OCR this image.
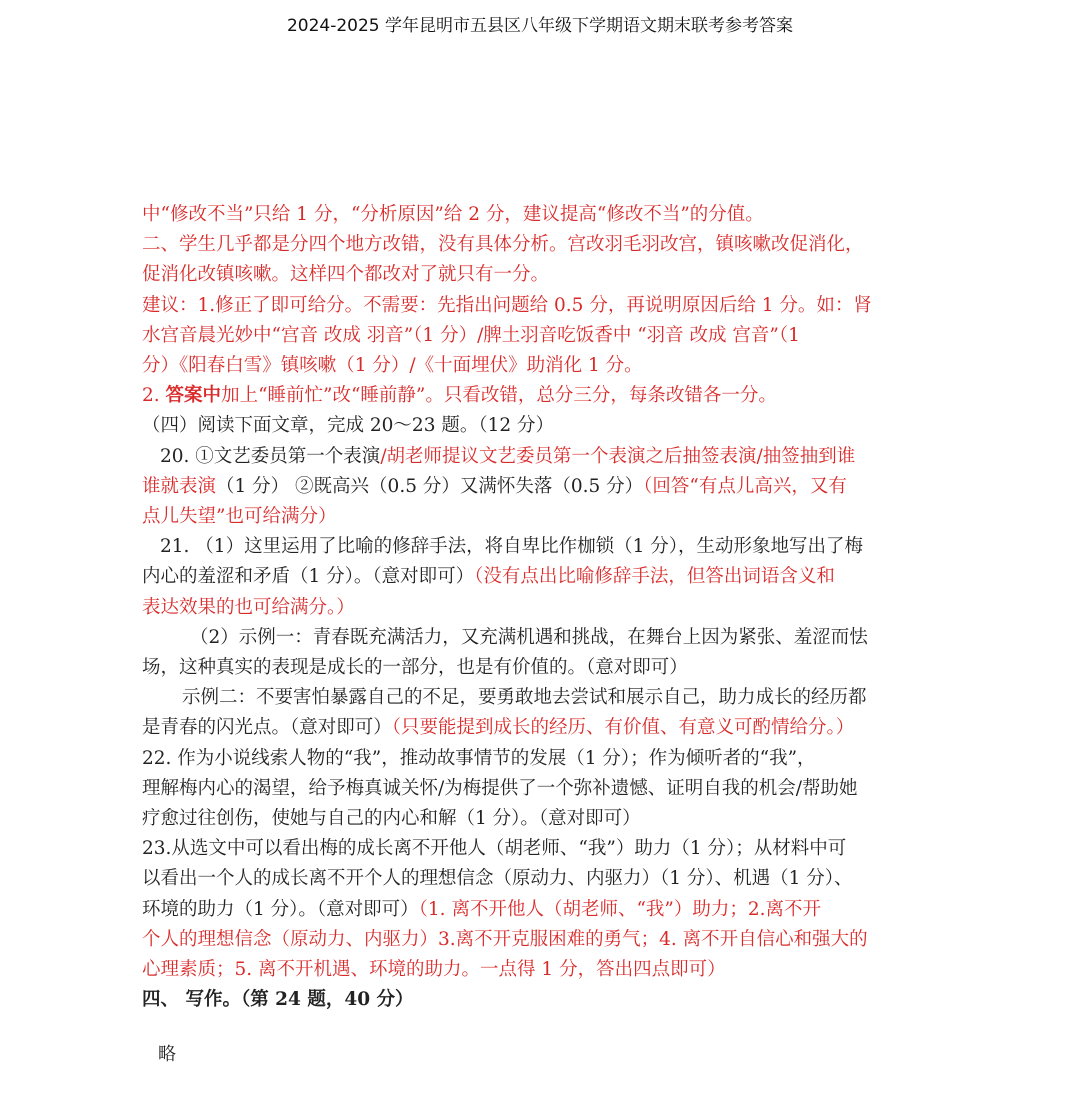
2024-2025 学年昆明市五县区八年级下学期语文期末联考参考答案
中“修改不当”只给 1 分，“分析原因”给 2 分，建议提高“修改不当”的分值。
二、学生几乎都是分四个地方改错，没有具体分析。宫改羽毛羽改宫，镇咳嗽改促消化，
促消化改镇咳嗽。这样四个都改对了就只有一分。
建议：1.修正了即可给分。不需要：先指出问题给 0.5 分，再说明原因后给 1 分。如：肾
水宫音晨光妙中“宫音 改成 羽音”（1 分）/脾土羽音吃饭香中 “羽音 改成 宫音”（1
分）《阳春白雪》镇咳嗽（1 分）/《十面埋伏》助消化 1 分。
2. 答案中加上“睡前忙”改“睡前静”。只看改错，总分三分，每条改错各一分。
（四）阅读下面文章，完成 20～23 题。（12 分）
20. ①文艺委员第一个表演/胡老师提议文艺委员第一个表演之后抽签表演/抽签抽到谁
谁就表演（1 分） ②既高兴（0.5 分）又满怀失落（0.5 分）（回答“有点儿高兴，又有
点儿失望”也可给满分）
21. （1）这里运用了比喻的修辞手法，将自卑比作枷锁（1 分），生动形象地写出了梅
内心的羞涩和矛盾（1 分）。（意对即可）（没有点出比喻修辞手法，但答出词语含义和
表达效果的也可给满分。）
（2）示例一：青春既充满活力，又充满机遇和挑战，在舞台上因为紧张、羞涩而怯
场，这种真实的表现是成长的一部分，也是有价值的。（意对即可）
示例二：不要害怕暴露自己的不足，要勇敢地去尝试和展示自己，助力成长的经历都
是青春的闪光点。（意对即可）（只要能提到成长的经历、有价值、有意义可酌情给分。）
22. 作为小说线索人物的“我”，推动故事情节的发展（1 分）；作为倾听者的“我”，
理解梅内心的渴望，给予梅真诚关怀/为梅提供了一个弥补遗憾、证明自我的机会/帮助她
疗愈过往创伤，使她与自己的内心和解（1 分）。（意对即可）
23.从选文中可以看出梅的成长离不开他人（胡老师、“我”）助力（1 分）；从材料中可
以看出一个人的成长离不开个人的理想信念（原动力、内驱力）（1 分）、机遇（1 分）、
环境的助力（1 分）。（意对即可）（1. 离不开他人（胡老师、“我”）助力；2.离不开
个人的理想信念（原动力、内驱力）3.离不开克服困难的勇气；4. 离不开自信心和强大的
心理素质；5. 离不开机遇、环境的助力。一点得 1 分，答出四点即可）
四、 写作。（第 24 题，40 分）
略
